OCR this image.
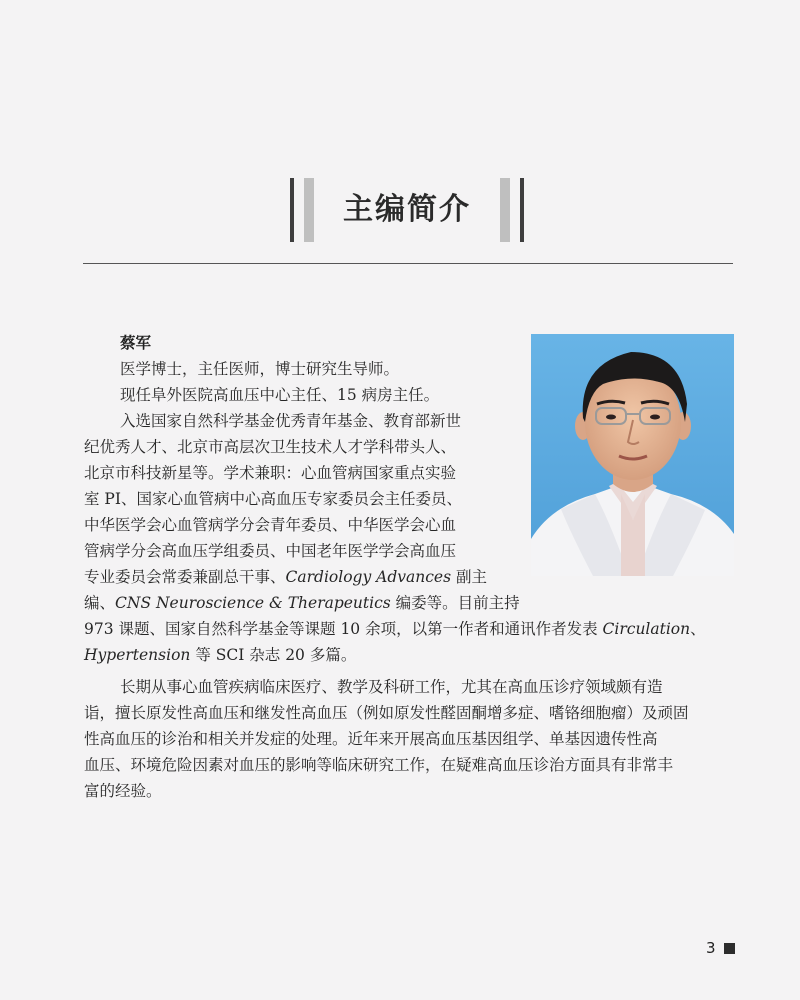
主编简介
蔡军
医学博士，主任医师，博士研究生导师。
现任阜外医院高血压中心主任、15 病房主任。
入选国家自然科学基金优秀青年基金、教育部新世
纪优秀人才、北京市高层次卫生技术人才学科带头人、
北京市科技新星等。学术兼职：心血管病国家重点实验
室 PI、国家心血管病中心高血压专家委员会主任委员、
中华医学会心血管病学分会青年委员、中华医学会心血
管病学分会高血压学组委员、中国老年医学学会高血压
专业委员会常委兼副总干事、Cardiology Advances 副主
编、CNS Neuroscience & Therapeutics 编委等。目前主持
973 课题、国家自然科学基金等课题 10 余项，以第一作者和通讯作者发表 Circulation、
Hypertension 等 SCI 杂志 20 多篇。
长期从事心血管疾病临床医疗、教学及科研工作，尤其在高血压诊疗领域颇有造
诣，擅长原发性高血压和继发性高血压（例如原发性醛固酮增多症、嗜铬细胞瘤）及顽固
性高血压的诊治和相关并发症的处理。近年来开展高血压基因组学、单基因遗传性高
血压、环境危险因素对血压的影响等临床研究工作，在疑难高血压诊治方面具有非常丰
富的经验。
3
